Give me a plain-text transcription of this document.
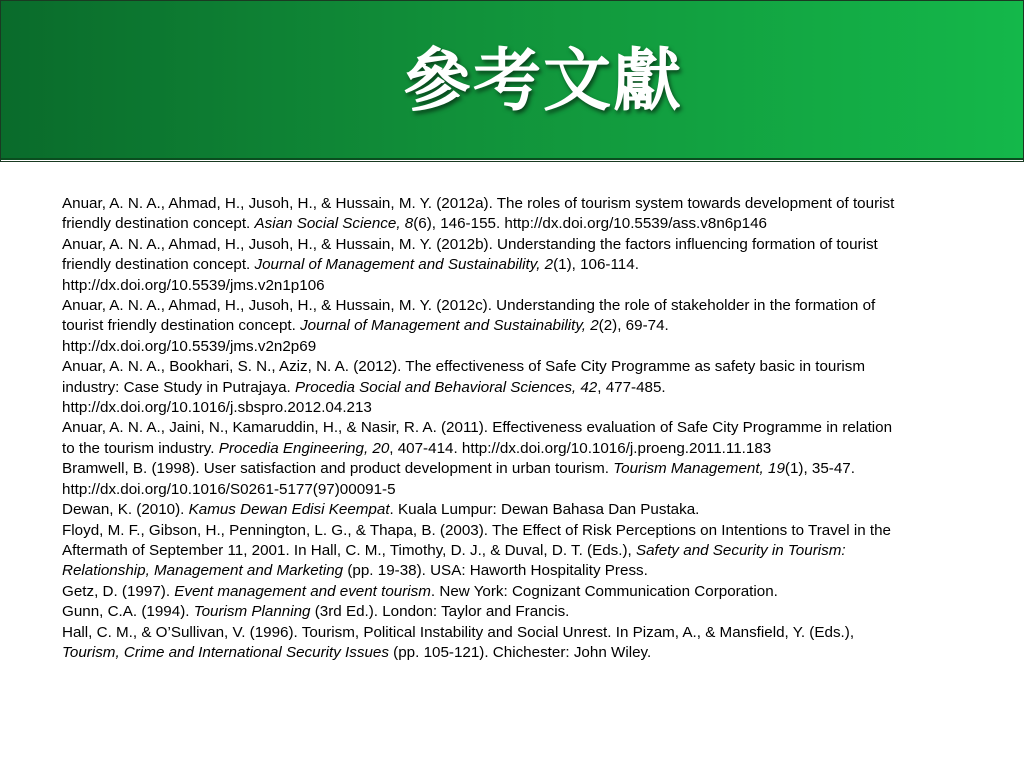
參考文獻

Anuar, A. N. A., Ahmad, H., Jusoh, H., & Hussain, M. Y. (2012a). The roles of tourism system towards development of tourist friendly destination concept. Asian Social Science, 8(6), 146-155. http://dx.doi.org/10.5539/ass.v8n6p146

Anuar, A. N. A., Ahmad, H., Jusoh, H., & Hussain, M. Y. (2012b). Understanding the factors influencing formation of tourist friendly destination concept. Journal of Management and Sustainability, 2(1), 106-114. http://dx.doi.org/10.5539/jms.v2n1p106

Anuar, A. N. A., Ahmad, H., Jusoh, H., & Hussain, M. Y. (2012c). Understanding the role of stakeholder in the formation of tourist friendly destination concept. Journal of Management and Sustainability, 2(2), 69-74. http://dx.doi.org/10.5539/jms.v2n2p69

Anuar, A. N. A., Bookhari, S. N., Aziz, N. A. (2012). The effectiveness of Safe City Programme as safety basic in tourism industry: Case Study in Putrajaya. Procedia Social and Behavioral Sciences, 42, 477-485. http://dx.doi.org/10.1016/j.sbspro.2012.04.213

Anuar, A. N. A., Jaini, N., Kamaruddin, H., & Nasir, R. A. (2011). Effectiveness evaluation of Safe City Programme in relation to the tourism industry. Procedia Engineering, 20, 407-414. http://dx.doi.org/10.1016/j.proeng.2011.11.183

Bramwell, B. (1998). User satisfaction and product development in urban tourism. Tourism Management, 19(1), 35-47. http://dx.doi.org/10.1016/S0261-5177(97)00091-5

Dewan, K. (2010). Kamus Dewan Edisi Keempat. Kuala Lumpur: Dewan Bahasa Dan Pustaka.

Floyd, M. F., Gibson, H., Pennington, L. G., & Thapa, B. (2003). The Effect of Risk Perceptions on Intentions to Travel in the Aftermath of September 11, 2001. In Hall, C. M., Timothy, D. J., & Duval, D. T. (Eds.), Safety and Security in Tourism: Relationship, Management and Marketing (pp. 19-38). USA: Haworth Hospitality Press.

Getz, D. (1997). Event management and event tourism. New York: Cognizant Communication Corporation.

Gunn, C.A. (1994). Tourism Planning (3rd Ed.). London: Taylor and Francis.

Hall, C. M., & O’Sullivan, V. (1996). Tourism, Political Instability and Social Unrest. In Pizam, A., & Mansfield, Y. (Eds.), Tourism, Crime and International Security Issues (pp. 105-121). Chichester: John Wiley.
